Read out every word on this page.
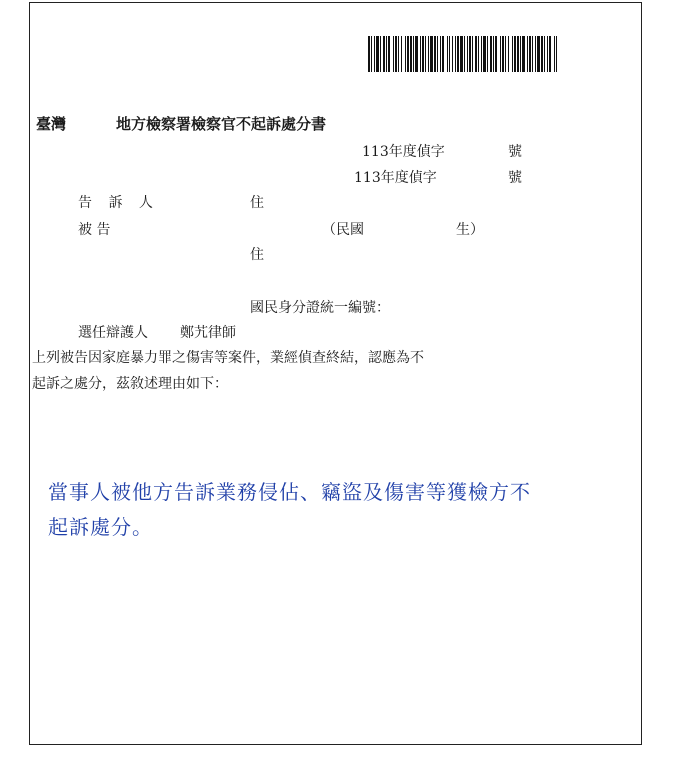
臺灣	地方檢察署檢察官不起訴處分書
113年度偵字	號
113年度偵字	號
告 訴 人	住
被 告	（民國	生）
住
國民身分證統一編號：
選任辯護人 鄭艽律師
上列被告因家庭暴力罪之傷害等案件，業經偵查終結，認應為不
起訴之處分，茲敘述理由如下：
當事人被他方告訴業務侵佔、竊盜及傷害等獲檢方不
起訴處分。
